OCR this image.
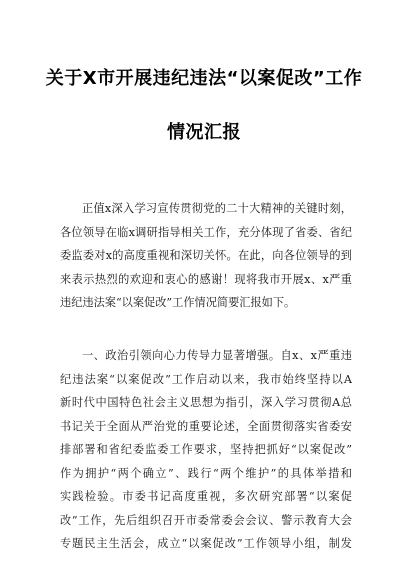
关于X市开展违纪违法“以案促改”工作
情况汇报
正值x深入学习宣传贯彻党的二十大精神的关键时刻，
各位领导在临x调研指导相关工作，充分体现了省委、省纪
委监委对x的高度重视和深切关怀。在此，向各位领导的到
来表示热烈的欢迎和衷心的感谢！现将我市开展x、x严重
违纪违法案“以案促改”工作情况简要汇报如下。
一、政治引领向心力传导力显著增强。自x、x严重违
纪违法案“以案促改”工作启动以来，我市始终坚持以A
新时代中国特色社会主义思想为指引，深入学习贯彻A总
书记关于全面从严治党的重要论述，全面贯彻落实省委安
排部署和省纪委监委工作要求，坚持把抓好“以案促改”
作为拥护“两个确立”、践行“两个维护”的具体举措和
实践检验。市委书记高度重视，多次研究部署“以案促
改”工作，先后组织召开市委常委会会议、警示教育大会
专题民主生活会，成立“以案促改”工作领导小组，制发
